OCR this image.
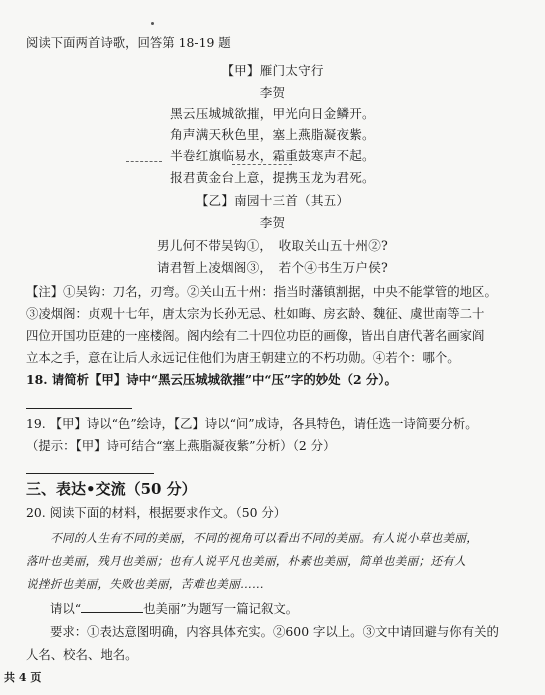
阅读下面两首诗歌，回答第 18-19 题
【甲】雁门太守行
李贺
黑云压城城欲摧，甲光向日金鳞开。
角声满天秋色里，塞上燕脂凝夜紫。
半卷红旗临易水，霜重鼓寒声不起。
报君黄金台上意，提携玉龙为君死。
【乙】南园十三首（其五）
李贺
男儿何不带吴钩①，　收取关山五十州②?
请君暂上凌烟阁③，　若个④书生万户侯?
【注】①吴钩：刀名，刃弯。②关山五十州：指当时藩镇割据，中央不能掌管的地区。
③凌烟阁：贞观十七年，唐太宗为长孙无忌、杜如晦、房玄龄、魏征、虞世南等二十
四位开国功臣建的一座楼阁。阁内绘有二十四位功臣的画像，皆出自唐代著名画家阎
立本之手，意在让后人永远记住他们为唐王朝建立的不朽功勋。④若个：哪个。
18. 请简析【甲】诗中“黑云压城城欲摧”中“压”字的妙处（2 分）。
19. 【甲】诗以“色”绘诗，【乙】诗以“问”成诗，各具特色，请任选一诗简要分析。
（提示：【甲】诗可结合“塞上燕脂凝夜紫”分析）（2 分）
三、表达•交流（50 分）
20. 阅读下面的材料，根据要求作文。（50 分）
不同的人生有不同的美丽，不同的视角可以看出不同的美丽。有人说小草也美丽，
落叶也美丽，残月也美丽；也有人说平凡也美丽，朴素也美丽，简单也美丽；还有人
说挫折也美丽，失败也美丽，苦难也美丽……
请以“	也美丽”为题写一篇记叙文。
要求：①表达意图明确，内容具体充实。②600 字以上。③文中请回避与你有关的
人名、校名、地名。
共 4 页
